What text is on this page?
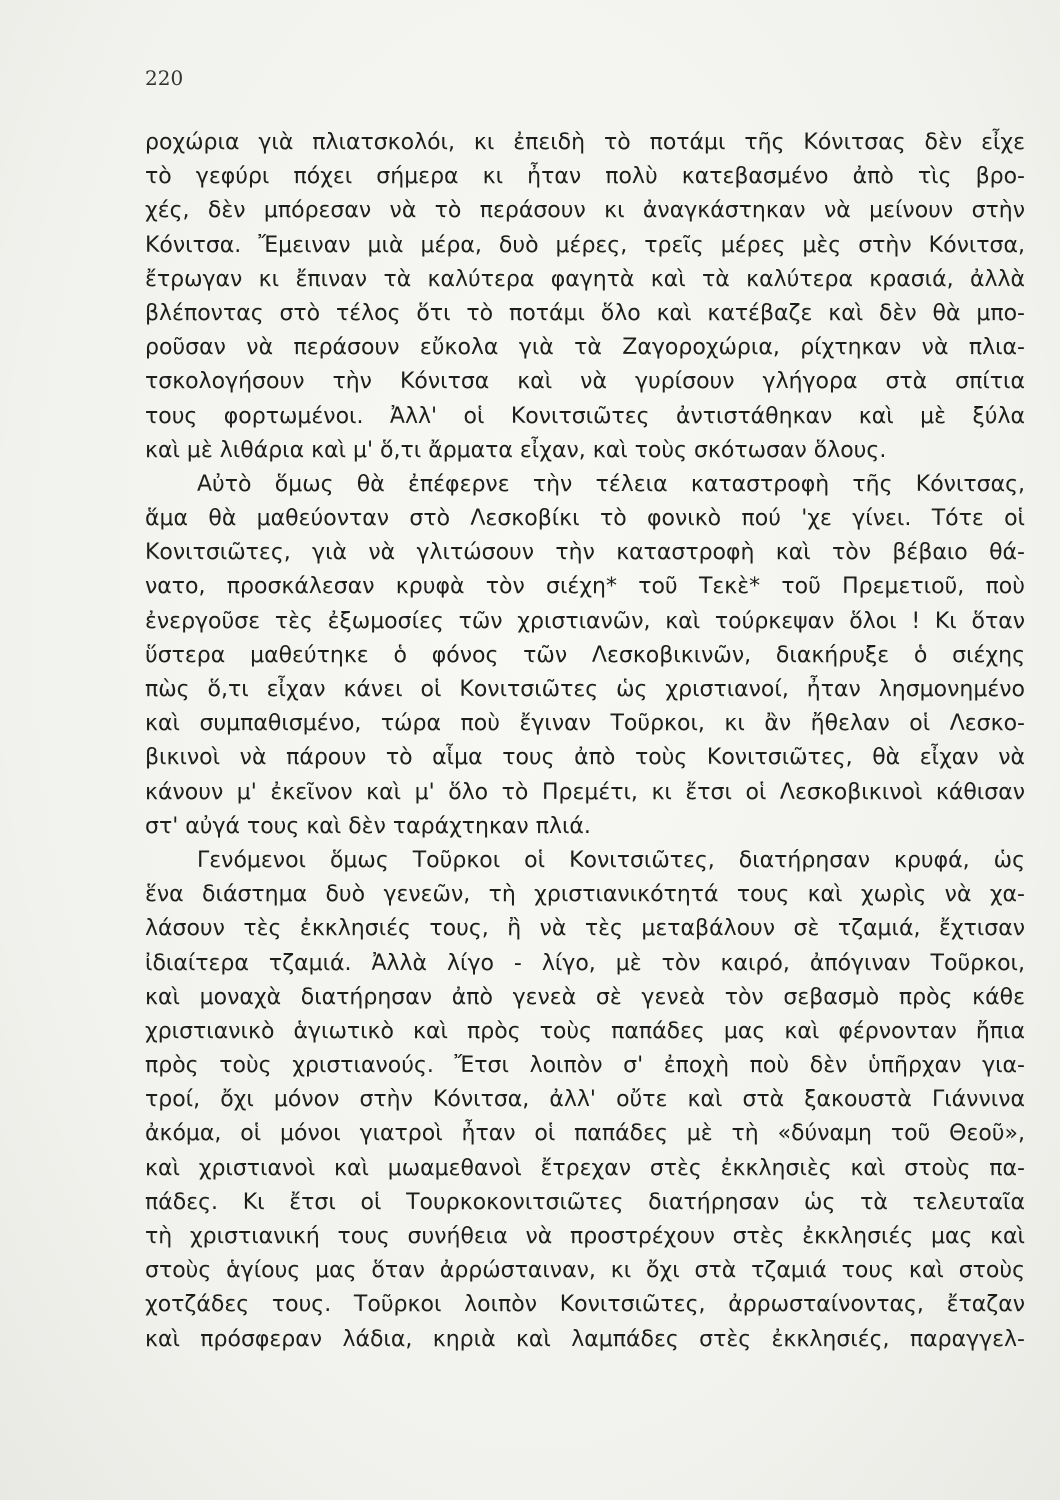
220
ροχώρια γιὰ πλιατσκολόι, κι ἐπειδὴ τὸ ποτάμι τῆς Κόνιτσας δὲν εἶχε
τὸ γεφύρι πόχει σήμερα κι ἦταν πολὺ κατεβασμένο ἀπὸ τὶς βρο-
χές, δὲν μπόρεσαν νὰ τὸ περάσουν κι ἀναγκάστηκαν νὰ μείνουν στὴν
Κόνιτσα. Ἔμειναν μιὰ μέρα, δυὸ μέρες, τρεῖς μέρες μὲς στὴν Κόνιτσα,
ἔτρωγαν κι ἔπιναν τὰ καλύτερα φαγητὰ καὶ τὰ καλύτερα κρασιά, ἀλλὰ
βλέποντας στὸ τέλος ὅτι τὸ ποτάμι ὅλο καὶ κατέβαζε καὶ δὲν θὰ μπο-
ροῦσαν νὰ περάσουν εὔκολα γιὰ τὰ Ζαγοροχώρια, ρίχτηκαν νὰ πλια-
τσκολογήσουν τὴν Κόνιτσα καὶ νὰ γυρίσουν γλήγορα στὰ σπίτια
τους φορτωμένοι. Ἀλλ' οἱ Κονιτσιῶτες ἀντιστάθηκαν καὶ μὲ ξύλα
καὶ μὲ λιθάρια καὶ μ' ὅ,τι ἄρματα εἶχαν, καὶ τοὺς σκότωσαν ὅλους.
Αὐτὸ ὅμως θὰ ἐπέφερνε τὴν τέλεια καταστροφὴ τῆς Κόνιτσας,
ἅμα θὰ μαθεύονταν στὸ Λεσκοβίκι τὸ φονικὸ πού 'χε γίνει. Τότε οἱ
Κονιτσιῶτες, γιὰ νὰ γλιτώσουν τὴν καταστροφὴ καὶ τὸν βέβαιο θά-
νατο, προσκάλεσαν κρυφὰ τὸν σιέχη* τοῦ Τεκὲ* τοῦ Πρεμετιοῦ, ποὺ
ἐνεργοῦσε τὲς ἐξωμοσίες τῶν χριστιανῶν, καὶ τούρκεψαν ὅλοι ! Κι ὅταν
ὕστερα μαθεύτηκε ὁ φόνος τῶν Λεσκοβικινῶν, διακήρυξε ὁ σιέχης
πὼς ὅ,τι εἶχαν κάνει οἱ Κονιτσιῶτες ὡς χριστιανοί, ἦταν λησμονημένο
καὶ συμπαθισμένο, τώρα ποὺ ἔγιναν Τοῦρκοι, κι ἂν ἤθελαν οἱ Λεσκο-
βικινοὶ νὰ πάρουν τὸ αἷμα τους ἀπὸ τοὺς Κονιτσιῶτες, θὰ εἶχαν νὰ
κάνουν μ' ἐκεῖνον καὶ μ' ὅλο τὸ Πρεμέτι, κι ἔτσι οἱ Λεσκοβικινοὶ κάθισαν
στ' αὐγά τους καὶ δὲν ταράχτηκαν πλιά.
Γενόμενοι ὅμως Τοῦρκοι οἱ Κονιτσιῶτες, διατήρησαν κρυφά, ὡς
ἕνα διάστημα δυὸ γενεῶν, τὴ χριστιανικότητά τους καὶ χωρὶς νὰ χα-
λάσουν τὲς ἐκκλησιές τους, ἢ νὰ τὲς μεταβάλουν σὲ τζαμιά, ἔχτισαν
ἰδιαίτερα τζαμιά. Ἀλλὰ λίγο - λίγο, μὲ τὸν καιρό, ἀπόγιναν Τοῦρκοι,
καὶ μοναχὰ διατήρησαν ἀπὸ γενεὰ σὲ γενεὰ τὸν σεβασμὸ πρὸς κάθε
χριστιανικὸ ἁγιωτικὸ καὶ πρὸς τοὺς παπάδες μας καὶ φέρνονταν ἤπια
πρὸς τοὺς χριστιανούς. Ἔτσι λοιπὸν σ' ἐποχὴ ποὺ δὲν ὑπῆρχαν για-
τροί, ὄχι μόνον στὴν Κόνιτσα, ἀλλ' οὔτε καὶ στὰ ξακουστὰ Γιάννινα
ἀκόμα, οἱ μόνοι γιατροὶ ἦταν οἱ παπάδες μὲ τὴ «δύναμη τοῦ Θεοῦ»,
καὶ χριστιανοὶ καὶ μωαμεθανοὶ ἔτρεχαν στὲς ἐκκλησιὲς καὶ στοὺς πα-
πάδες. Κι ἔτσι οἱ Τουρκοκονιτσιῶτες διατήρησαν ὡς τὰ τελευταῖα
τὴ χριστιανική τους συνήθεια νὰ προστρέχουν στὲς ἐκκλησιές μας καὶ
στοὺς ἁγίους μας ὅταν ἀρρώσταιναν, κι ὄχι στὰ τζαμιά τους καὶ στοὺς
χοτζάδες τους. Τοῦρκοι λοιπὸν Κονιτσιῶτες, ἀρρωσταίνοντας, ἔταζαν
καὶ πρόσφεραν λάδια, κηριὰ καὶ λαμπάδες στὲς ἐκκλησιές, παραγγελ-
